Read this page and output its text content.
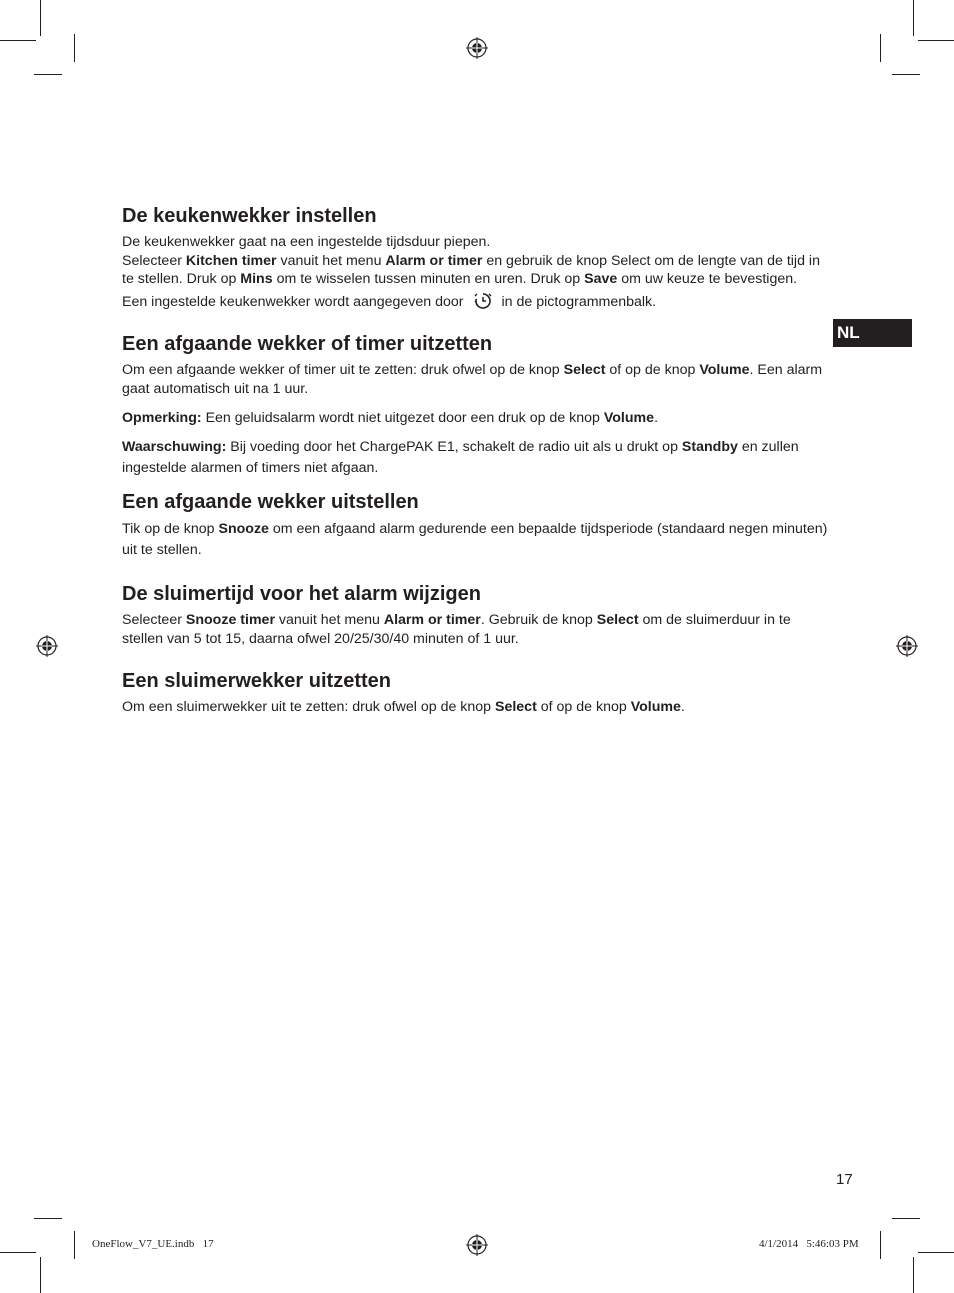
NL
De keukenwekker instellen

De keukenwekker gaat na een ingestelde tijdsduur piepen.

Selecteer Kitchen timer vanuit het menu Alarm or timer en gebruik de knop Select om de lengte van de tijd in te stellen. Druk op Mins om te wisselen tussen minuten en uren. Druk op Save om uw keuze te bevestigen.

Een ingestelde keukenwekker wordt aangegeven door	in de pictogrammenbalk.

Een afgaande wekker of timer uitzetten

Om een afgaande wekker of timer uit te zetten: druk ofwel op de knop Select of op de knop Volume. Een alarm gaat automatisch uit na 1 uur.

Opmerking: Een geluidsalarm wordt niet uitgezet door een druk op de knop Volume.

Waarschuwing: Bij voeding door het ChargePAK E1, schakelt de radio uit als u drukt op Standby en zullen ingestelde alarmen of timers niet afgaan.

Een afgaande wekker uitstellen

Tik op de knop Snooze om een afgaand alarm gedurende een bepaalde tijdsperiode (standaard negen minuten) uit te stellen.

De sluimertijd voor het alarm wijzigen

Selecteer Snooze timer vanuit het menu Alarm or timer. Gebruik de knop Select om de sluimerduur in te stellen van 5 tot 15, daarna ofwel 20/25/30/40 minuten of 1 uur.

Een sluimerwekker uitzetten

Om een sluimerwekker uit te zetten: druk ofwel op de knop Select of op de knop Volume.

17
OneFlow_V7_UE.indb   17	4/1/2014   5:46:03 PM
